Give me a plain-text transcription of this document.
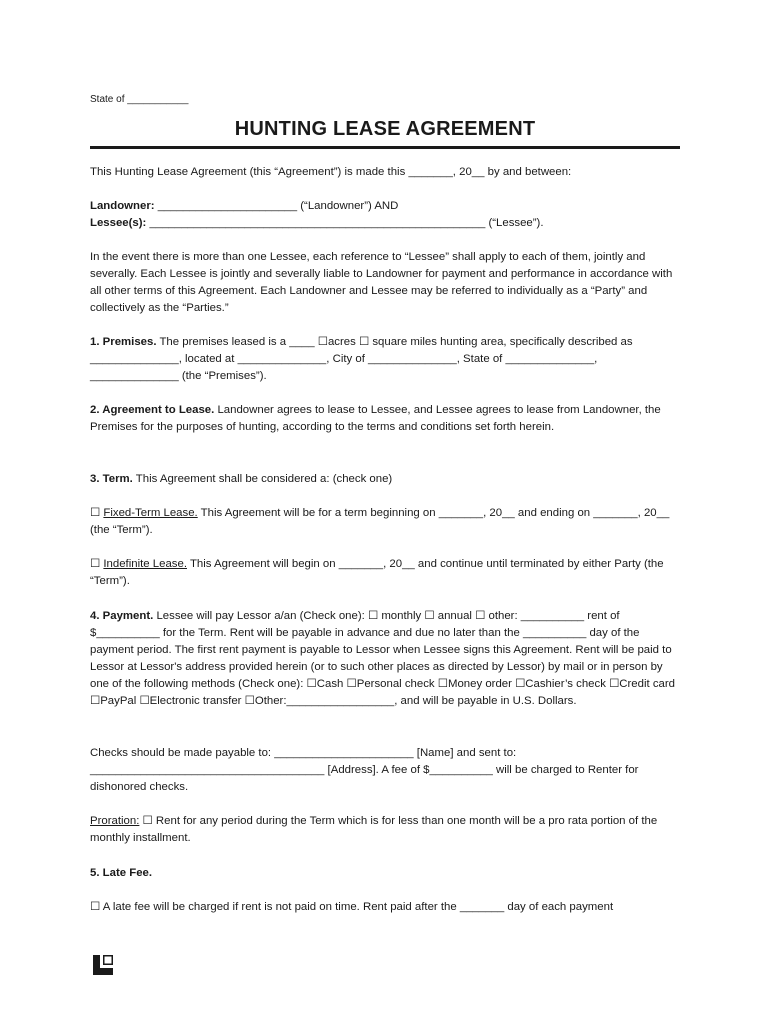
State of ___________
HUNTING LEASE AGREEMENT

This Hunting Lease Agreement (this “Agreement”) is made this _______, 20__ by and between:

Landowner: ______________________ (“Landowner”) AND

Lessee(s): _____________________________________________________ (“Lessee”).

In the event there is more than one Lessee, each reference to “Lessee” shall apply to each of them, jointly and severally. Each Lessee is jointly and severally liable to Landowner for payment and performance in accordance with all other terms of this Agreement. Each Landowner and Lessee may be referred to individually as a “Party” and collectively as the “Parties.”

1. Premises. The premises leased is a ____ ☐acres ☐ square miles hunting area, specifically described as ______________, located at ______________, City of ______________, State of ______________, ______________ (the “Premises”).

2. Agreement to Lease. Landowner agrees to lease to Lessee, and Lessee agrees to lease from Landowner, the Premises for the purposes of hunting, according to the terms and conditions set forth herein.

3. Term. This Agreement shall be considered a: (check one)

☐ Fixed-Term Lease. This Agreement will be for a term beginning on _______, 20__ and ending on _______, 20__ (the “Term”).

☐ Indefinite Lease. This Agreement will begin on _______, 20__ and continue until terminated by either Party (the “Term”).

4. Payment. Lessee will pay Lessor a/an (Check one): ☐ monthly ☐ annual ☐ other: __________ rent of $__________ for the Term. Rent will be payable in advance and due no later than the __________ day of the payment period. The first rent payment is payable to Lessor when Lessee signs this Agreement. Rent will be paid to Lessor at Lessor's address provided herein (or to such other places as directed by Lessor) by mail or in person by one of the following methods (Check one): ☐Cash ☐Personal check ☐Money order ☐Cashier’s check ☐Credit card ☐PayPal ☐Electronic transfer ☐Other:_________________, and will be payable in U.S. Dollars.

Checks should be made payable to: ______________________ [Name] and sent to: _____________________________________ [Address]. A fee of $__________ will be charged to Renter for dishonored checks.

Proration: ☐ Rent for any period during the Term which is for less than one month will be a pro rata portion of the monthly installment.

5. Late Fee.

☐ A late fee will be charged if rent is not paid on time. Rent paid after the _______ day of each payment
